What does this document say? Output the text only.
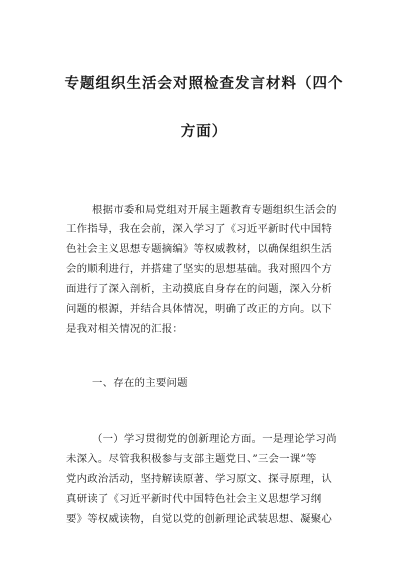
专题组织生活会对照检查发言材料（四个
方面）
根据市委和局党组对开展主题教育专题组织生活会的
工作指导，我在会前，深入学习了《习近平新时代中国特
色社会主义思想专题摘编》等权威教材，以确保组织生活
会的顺利进行，并搭建了坚实的思想基础。我对照四个方
面进行了深入剖析，主动摸底自身存在的问题，深入分析
问题的根源，并结合具体情况，明确了改正的方向。以下
是我对相关情况的汇报：
一、存在的主要问题
（一）学习贯彻党的创新理论方面。一是理论学习尚
未深入。尽管我积极参与支部主题党日、”三会一课”等
党内政治活动，坚持解读原著、学习原文、探寻原理，认
真研读了《习近平新时代中国特色社会主义思想学习纲
要》等权威读物，自觉以党的创新理论武装思想、凝聚心
